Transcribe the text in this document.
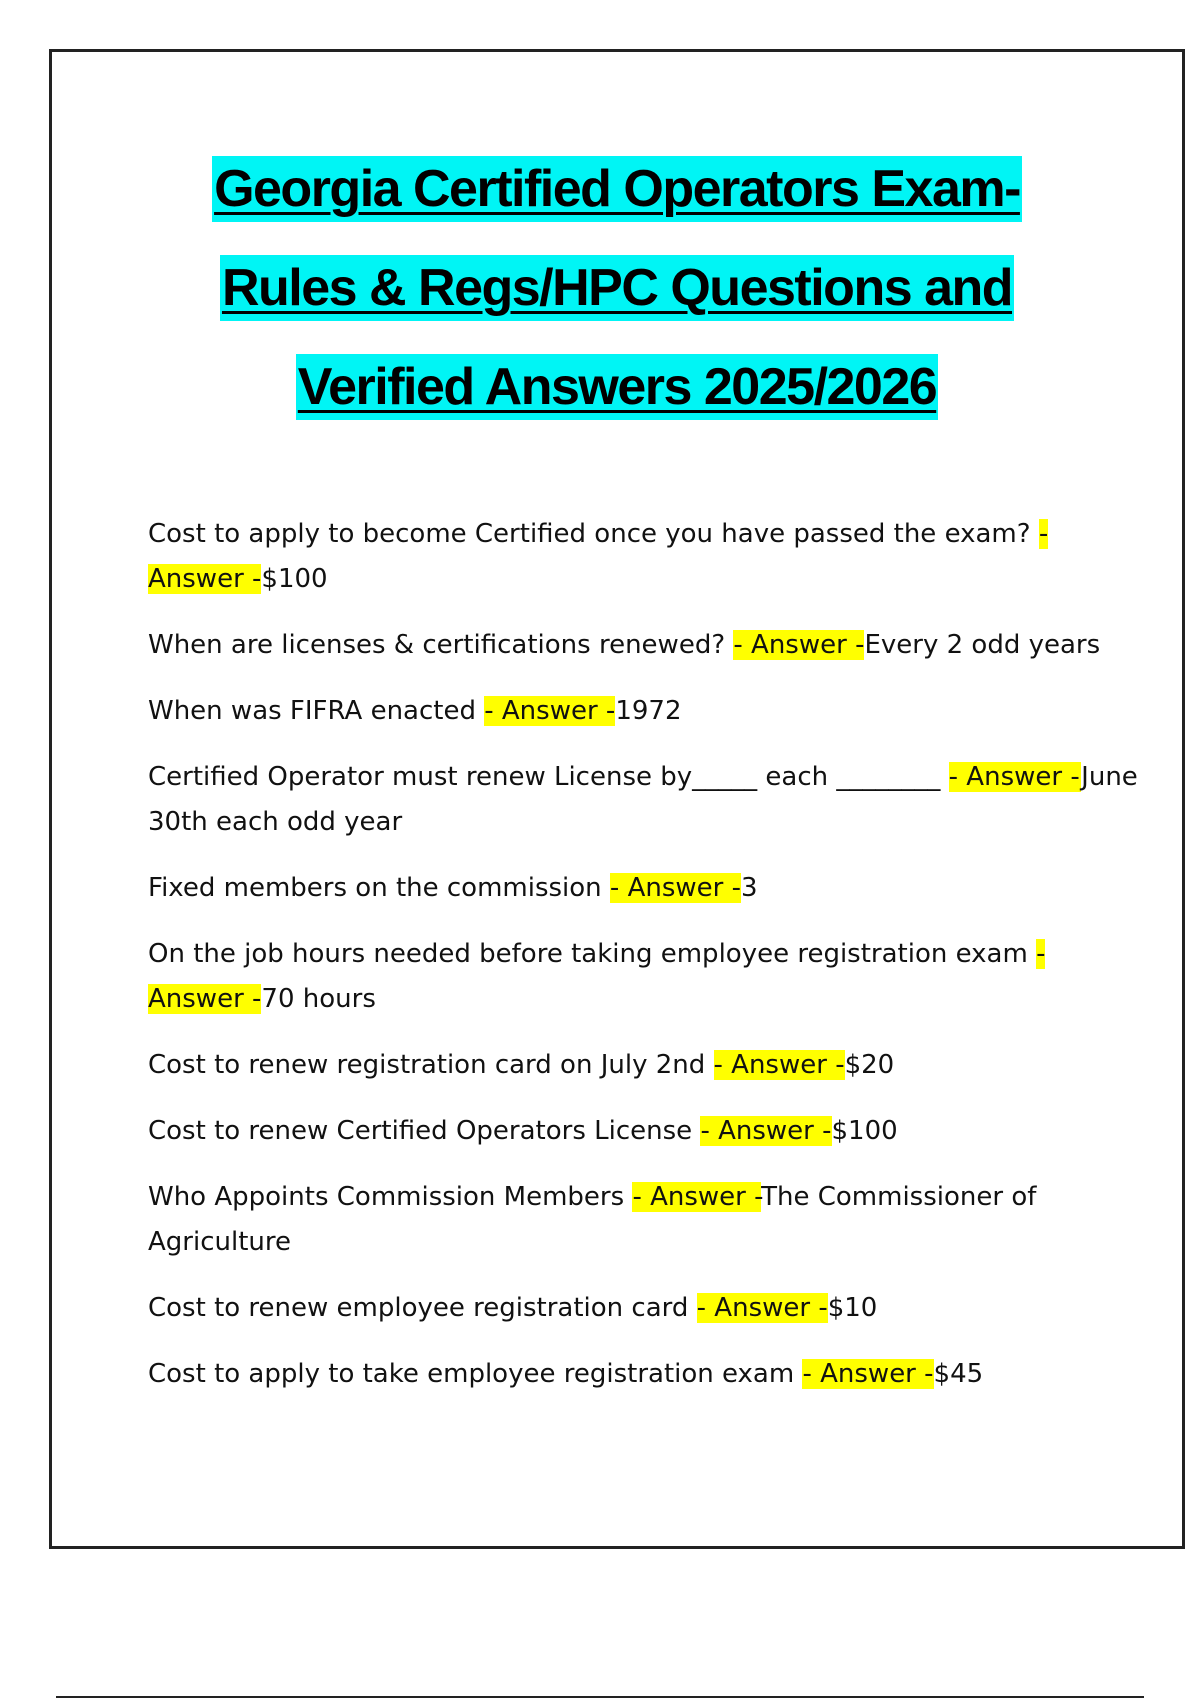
Georgia Certified Operators Exam-
Rules & Regs/HPC Questions and
Verified Answers 2025/2026

Cost to apply to become Certified once you have passed the exam? - Answer -$100

When are licenses & certifications renewed? - Answer -Every 2 odd years

When was FIFRA enacted - Answer -1972

Certified Operator must renew License by_____ each ________ - Answer -June 30th each odd year

Fixed members on the commission - Answer -3

On the job hours needed before taking employee registration exam - Answer -70 hours

Cost to renew registration card on July 2nd - Answer -$20

Cost to renew Certified Operators License - Answer -$100

Who Appoints Commission Members - Answer -The Commissioner of Agriculture

Cost to renew employee registration card - Answer -$10

Cost to apply to take employee registration exam - Answer -$45
